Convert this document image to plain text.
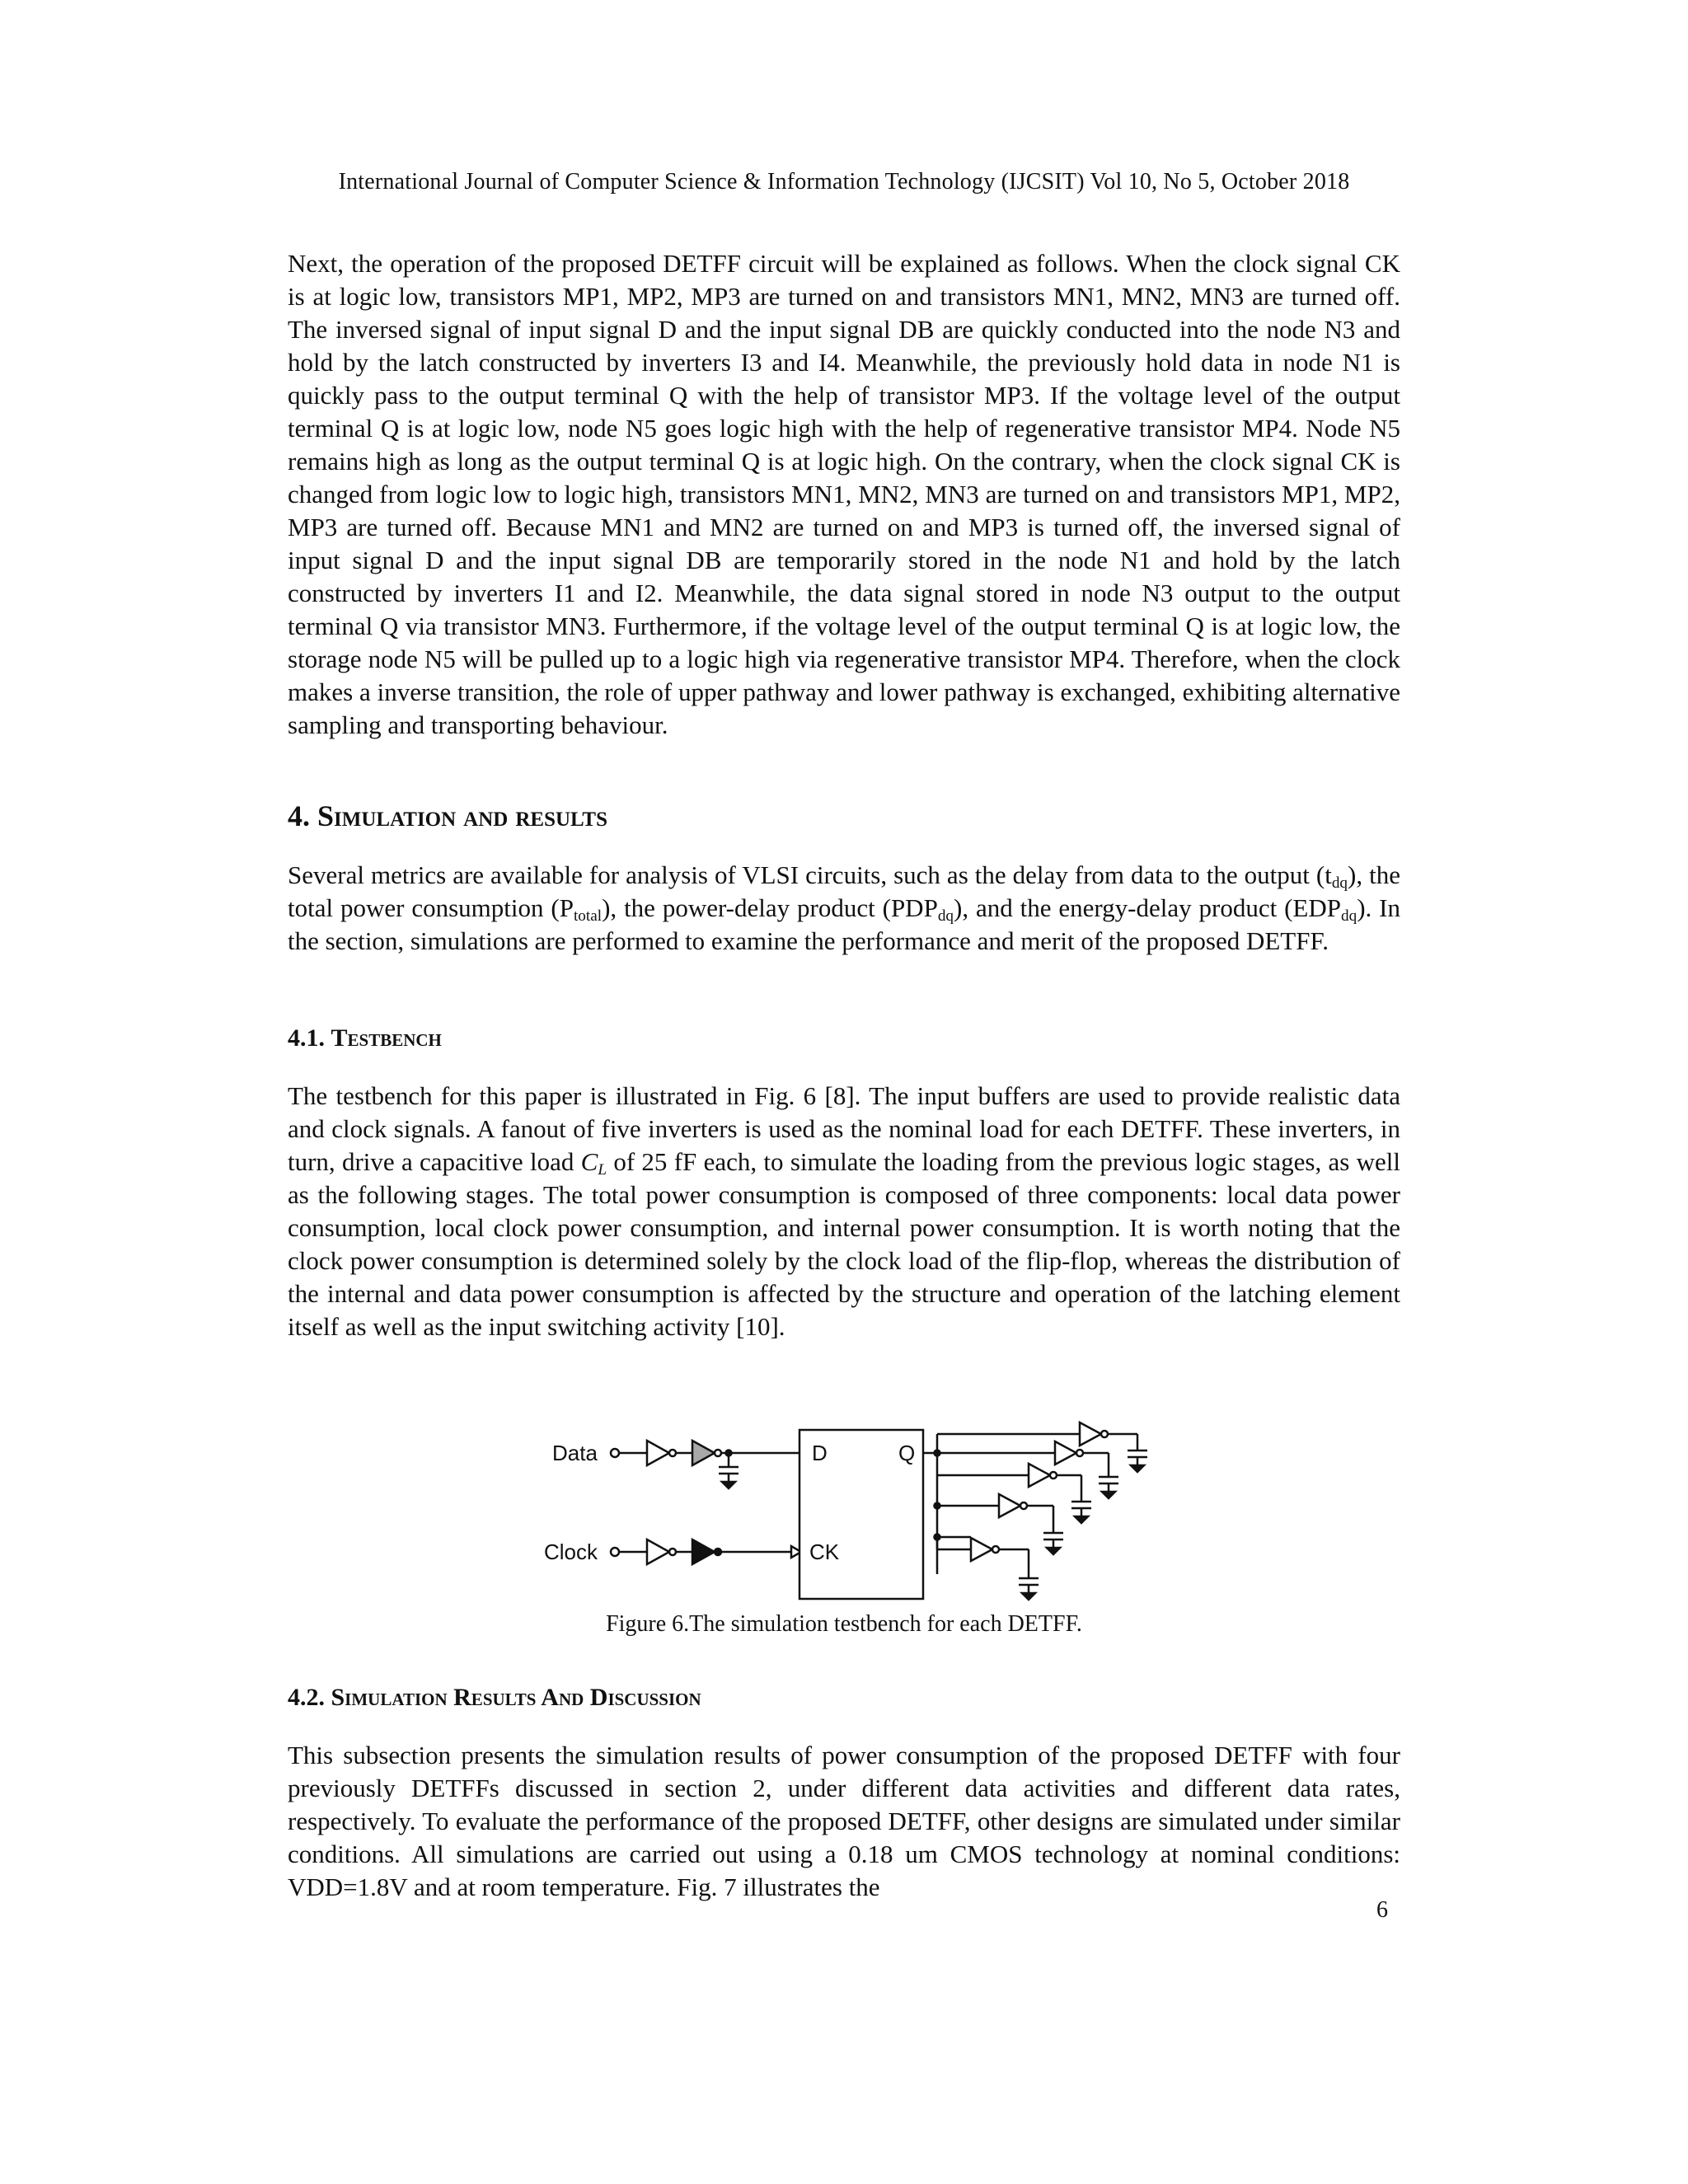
International Journal of Computer Science & Information Technology (IJCSIT) Vol 10, No 5, October 2018

Next, the operation of the proposed DETFF circuit will be explained as follows. When the clock signal CK is at logic low, transistors MP1, MP2, MP3 are turned on and transistors MN1, MN2, MN3 are turned off. The inversed signal of input signal D and the input signal DB are quickly conducted into the node N3 and hold by the latch constructed by inverters I3 and I4. Meanwhile, the previously hold data in node N1 is quickly pass to the output terminal Q with the help of transistor MP3. If the voltage level of the output terminal Q is at logic low, node N5 goes logic high with the help of regenerative transistor MP4. Node N5 remains high as long as the output terminal Q is at logic high. On the contrary, when the clock signal CK is changed from logic low to logic high, transistors MN1, MN2, MN3 are turned on and transistors MP1, MP2, MP3 are turned off. Because MN1 and MN2 are turned on and MP3 is turned off, the inversed signal of input signal D and the input signal DB are temporarily stored in the node N1 and hold by the latch constructed by inverters I1 and I2. Meanwhile, the data signal stored in node N3 output to the output terminal Q via transistor MN3. Furthermore, if the voltage level of the output terminal Q is at logic low, the storage node N5 will be pulled up to a logic high via regenerative transistor MP4. Therefore, when the clock makes a inverse transition, the role of upper pathway and lower pathway is exchanged, exhibiting alternative sampling and transporting behaviour.

4. Simulation and results

Several metrics are available for analysis of VLSI circuits, such as the delay from data to the output $(t_{dq})$, the total power consumption $(P_{total})$, the power-delay product $(PDP_{dq})$, and the energy-delay product $(EDP_{dq})$. In the section, simulations are performed to examine the performance and merit of the proposed DETFF.

4.1. Testbench

The testbench for this paper is illustrated in Fig. 6 [8]. The input buffers are used to provide realistic data and clock signals. A fanout of five inverters is used as the nominal load for each DETFF. These inverters, in turn, drive a capacitive load $C_L$ of 25 fF each, to simulate the loading from the previous logic stages, as well as the following stages. The total power consumption is composed of three components: local data power consumption, local clock power consumption, and internal power consumption. It is worth noting that the clock power consumption is determined solely by the clock load of the flip-flop, whereas the distribution of the internal and data power consumption is affected by the structure and operation of the latching element itself as well as the input switching activity [10].

Data
Clock
D	Q
CK
Figure 6.The simulation testbench for each DETFF.
4.2. Simulation Results And Discussion

This subsection presents the simulation results of power consumption of the proposed DETFF with four previously DETFFs discussed in section 2, under different data activities and different data rates, respectively. To evaluate the performance of the proposed DETFF, other designs are simulated under similar conditions. All simulations are carried out using a 0.18 um CMOS technology at nominal conditions: VDD=1.8V and at room temperature. Fig. 7 illustrates the

6
